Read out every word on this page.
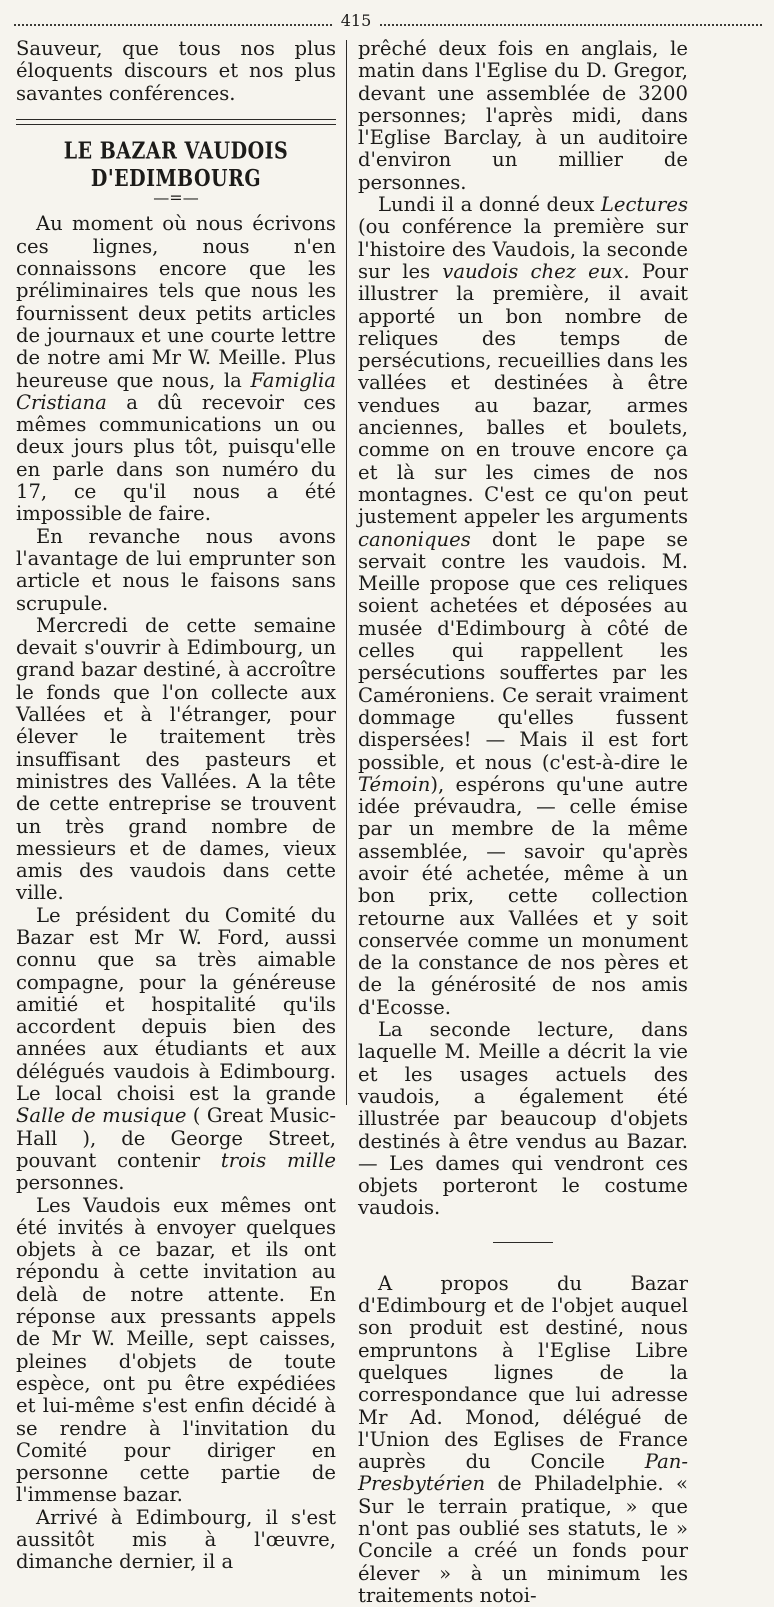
415

Sauveur, que tous nos plus éloquents discours et nos plus savantes conférences.

LE BAZAR VAUDOIS D'EDIMBOURG
—=—

Au moment où nous écrivons ces lignes, nous n'en connaissons encore que les préliminaires tels que nous les fournissent deux petits articles de journaux et une courte lettre de notre ami Mr W. Meille. Plus heureuse que nous, la Famiglia Cristiana a dû recevoir ces mêmes communications un ou deux jours plus tôt, puisqu'elle en parle dans son numéro du 17, ce qu'il nous a été impossible de faire.

En revanche nous avons l'avantage de lui emprunter son article et nous le faisons sans scrupule.

Mercredi de cette semaine devait s'ouvrir à Edimbourg, un grand bazar destiné, à accroître le fonds que l'on collecte aux Vallées et à l'étranger, pour élever le traitement très insuffisant des pasteurs et ministres des Vallées. A la tête de cette entreprise se trouvent un très grand nombre de messieurs et de dames, vieux amis des vaudois dans cette ville.

Le président du Comité du Bazar est Mr W. Ford, aussi connu que sa très aimable compagne, pour la généreuse amitié et hospitalité qu'ils accordent depuis bien des années aux étudiants et aux délégués vaudois à Edimbourg. Le local choisi est la grande Salle de musique ( Great Music-Hall ), de George Street, pouvant contenir trois mille personnes.

Les Vaudois eux mêmes ont été invités à envoyer quelques objets à ce bazar, et ils ont répondu à cette invitation au delà de notre attente. En réponse aux pressants appels de Mr W. Meille, sept caisses, pleines d'objets de toute espèce, ont pu être expédiées et lui-même s'est enfin décidé à se rendre à l'invitation du Comité pour diriger en personne cette partie de l'immense bazar.

Arrivé à Edimbourg, il s'est aussitôt mis à l'œuvre, dimanche dernier, il a

prêché deux fois en anglais, le matin dans l'Eglise du D. Gregor, devant une assemblée de 3200 personnes; l'après midi, dans l'Eglise Barclay, à un auditoire d'environ un millier de personnes.

Lundi il a donné deux Lectures (ou conférence la première sur l'histoire des Vaudois, la seconde sur les vaudois chez eux. Pour illustrer la première, il avait apporté un bon nombre de reliques des temps de persécutions, recueillies dans les vallées et destinées à être vendues au bazar, armes anciennes, balles et boulets, comme on en trouve encore ça et là sur les cimes de nos montagnes. C'est ce qu'on peut justement appeler les arguments canoniques dont le pape se servait contre les vaudois. M. Meille propose que ces reliques soient achetées et déposées au musée d'Edimbourg à côté de celles qui rappellent les persécutions souffertes par les Caméroniens. Ce serait vraiment dommage qu'elles fussent dispersées! — Mais il est fort possible, et nous (c'est-à-dire le Témoin), espérons qu'une autre idée prévaudra, — celle émise par un membre de la même assemblée, — savoir qu'après avoir été achetée, même à un bon prix, cette collection retourne aux Vallées et y soit conservée comme un monument de la constance de nos pères et de la générosité de nos amis d'Ecosse.

La seconde lecture, dans laquelle M. Meille a décrit la vie et les usages actuels des vaudois, a également été illustrée par beaucoup d'objets destinés à être vendus au Bazar. — Les dames qui vendront ces objets porteront le costume vaudois.

A propos du Bazar d'Edimbourg et de l'objet auquel son produit est destiné, nous empruntons à l'Eglise Libre quelques lignes de la correspondance que lui adresse Mr Ad. Monod, délégué de l'Union des Eglises de France auprès du Concile Pan-Presbytérien de Philadelphie. « Sur le terrain pratique, » que n'ont pas oublié ses statuts, le » Concile a créé un fonds pour élever » à un minimum les traitements notoi-
